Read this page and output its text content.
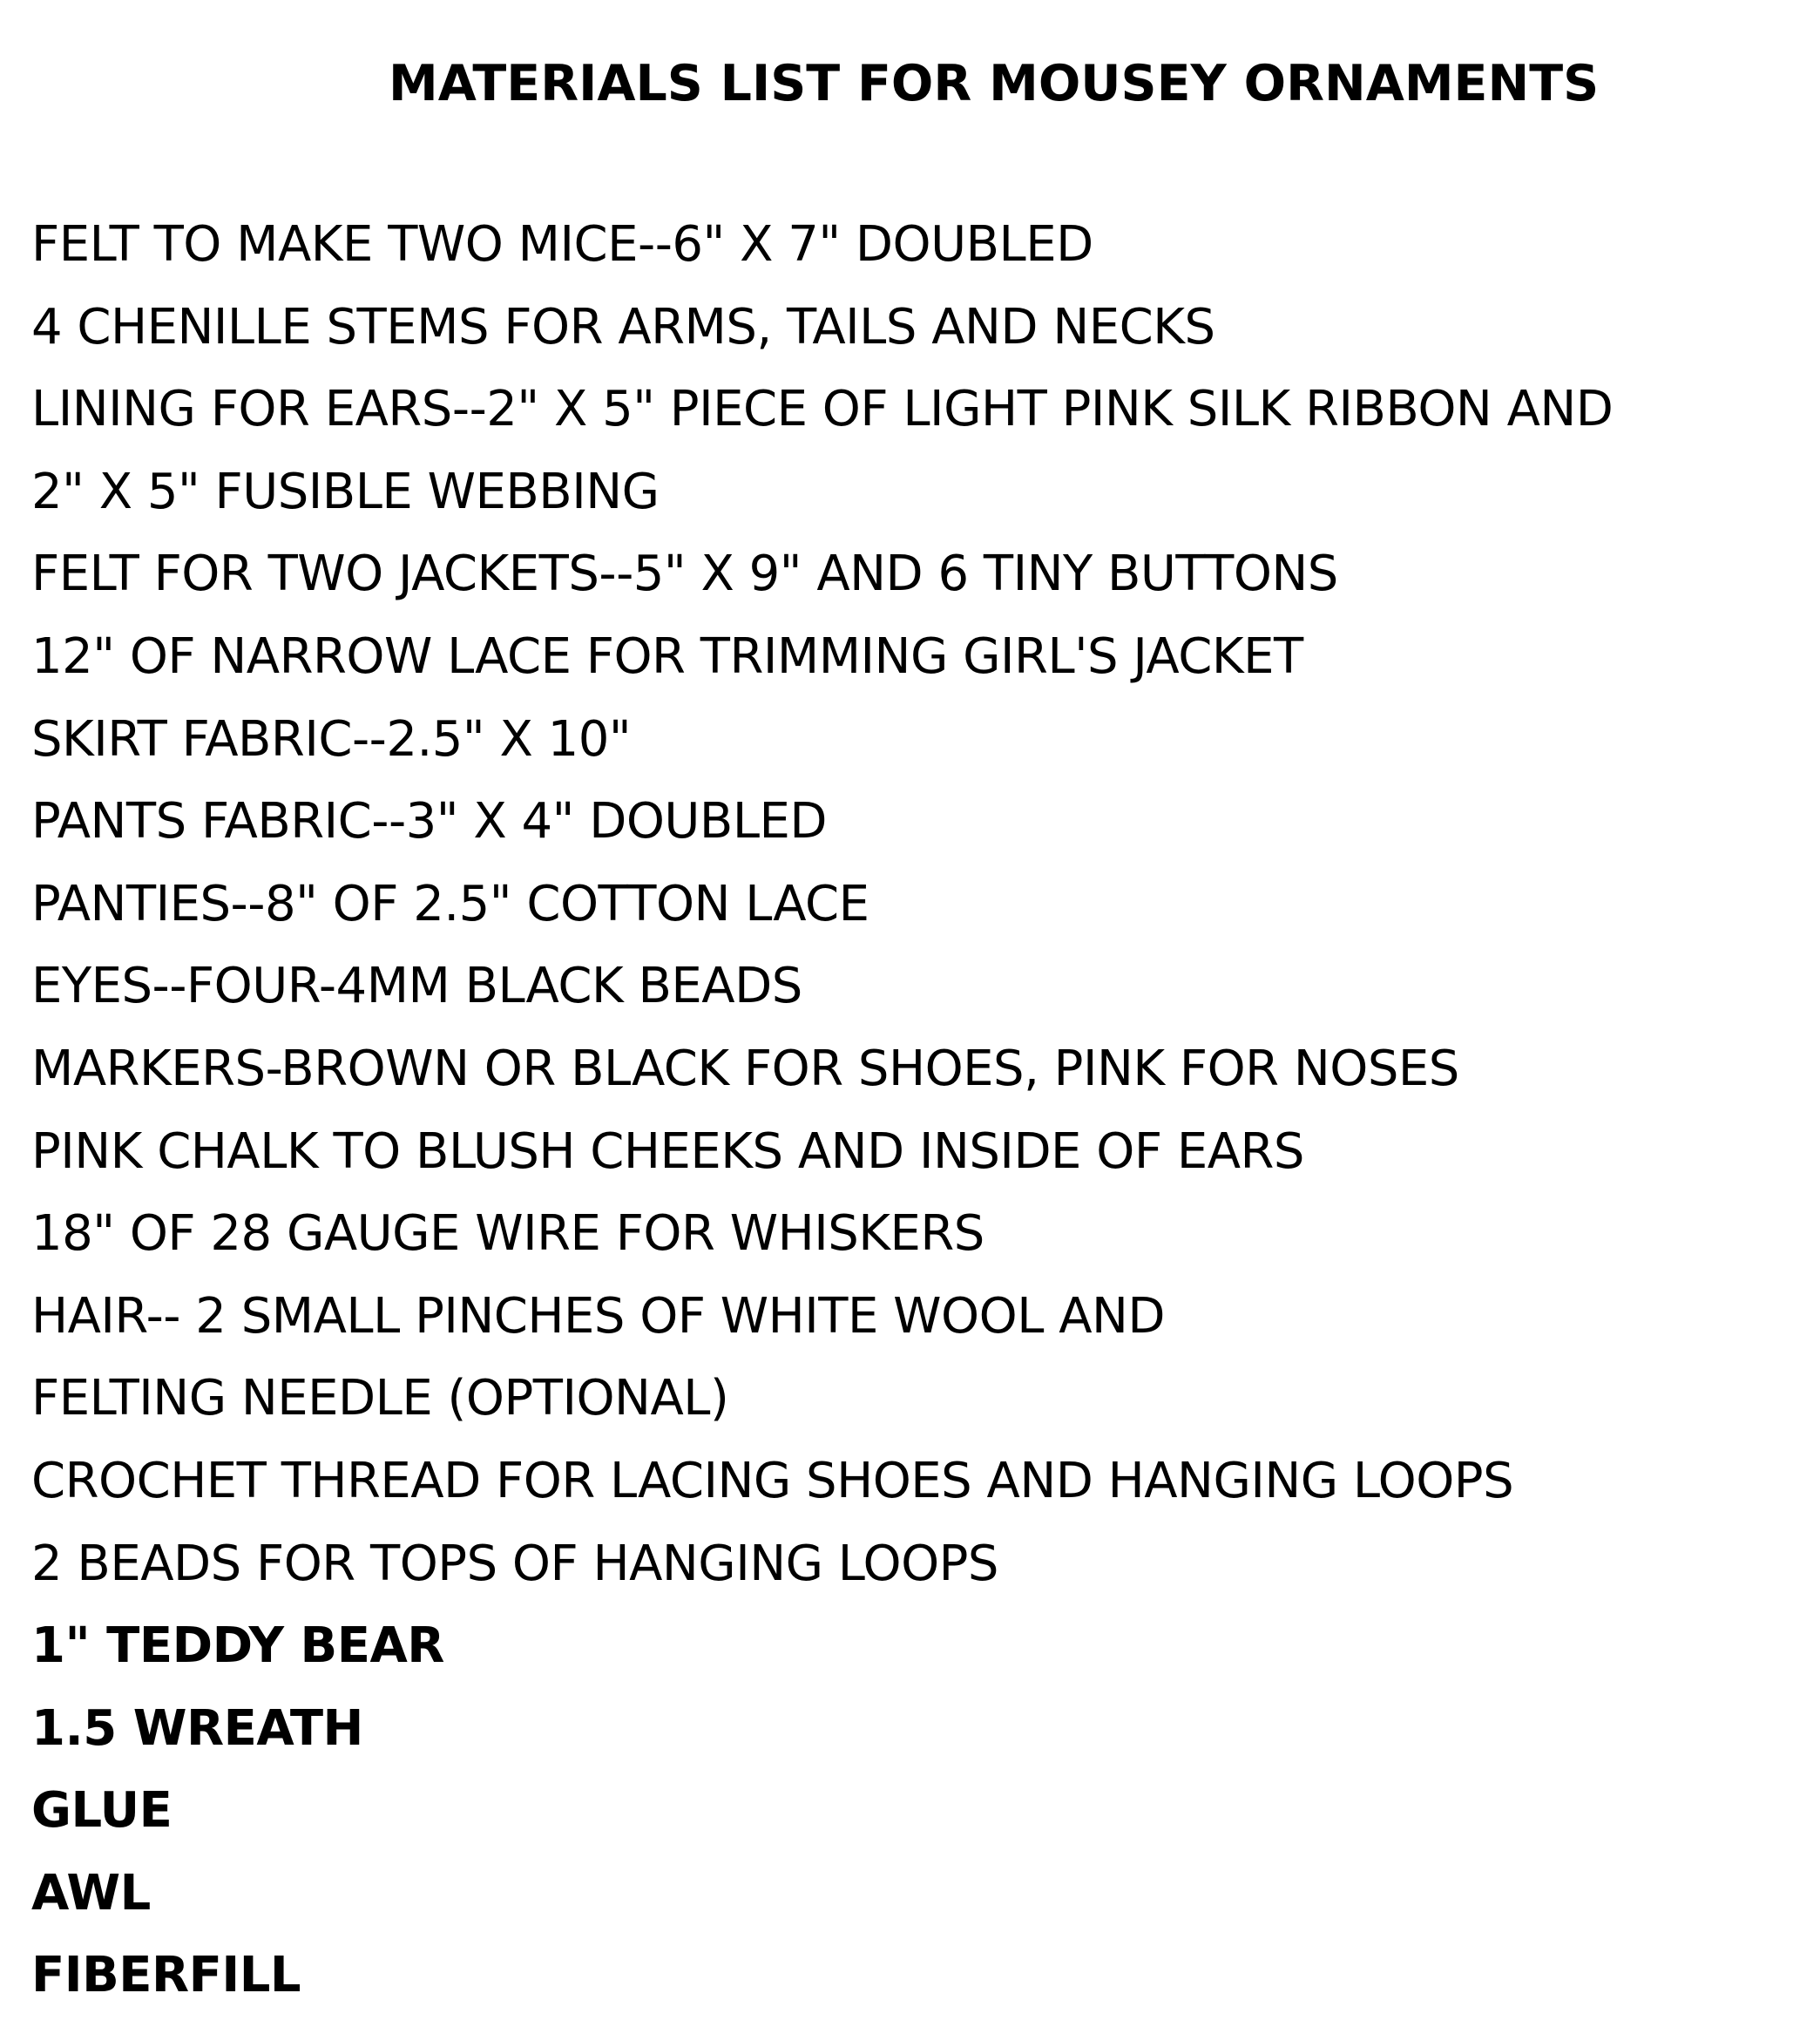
MATERIALS LIST FOR MOUSEY ORNAMENTS
FELT TO MAKE TWO MICE--6" X 7" DOUBLED
4 CHENILLE STEMS FOR ARMS, TAILS AND NECKS
LINING FOR EARS--2" X 5" PIECE OF LIGHT PINK SILK RIBBON AND
2" X 5" FUSIBLE WEBBING
FELT FOR TWO JACKETS--5" X 9" AND 6 TINY BUTTONS
12" OF NARROW LACE FOR TRIMMING GIRL'S JACKET
SKIRT FABRIC--2.5" X 10"
PANTS FABRIC--3" X 4" DOUBLED
PANTIES--8" OF 2.5" COTTON LACE
EYES--FOUR-4MM BLACK BEADS
MARKERS-BROWN OR BLACK FOR SHOES, PINK FOR NOSES
PINK CHALK TO BLUSH CHEEKS AND INSIDE OF EARS
18" OF 28 GAUGE WIRE FOR WHISKERS
HAIR-- 2 SMALL PINCHES OF WHITE WOOL AND
FELTING NEEDLE (OPTIONAL)
CROCHET THREAD FOR LACING SHOES AND HANGING LOOPS
2 BEADS FOR TOPS OF HANGING LOOPS
1" TEDDY BEAR
1.5 WREATH
GLUE
AWL
FIBERFILL
